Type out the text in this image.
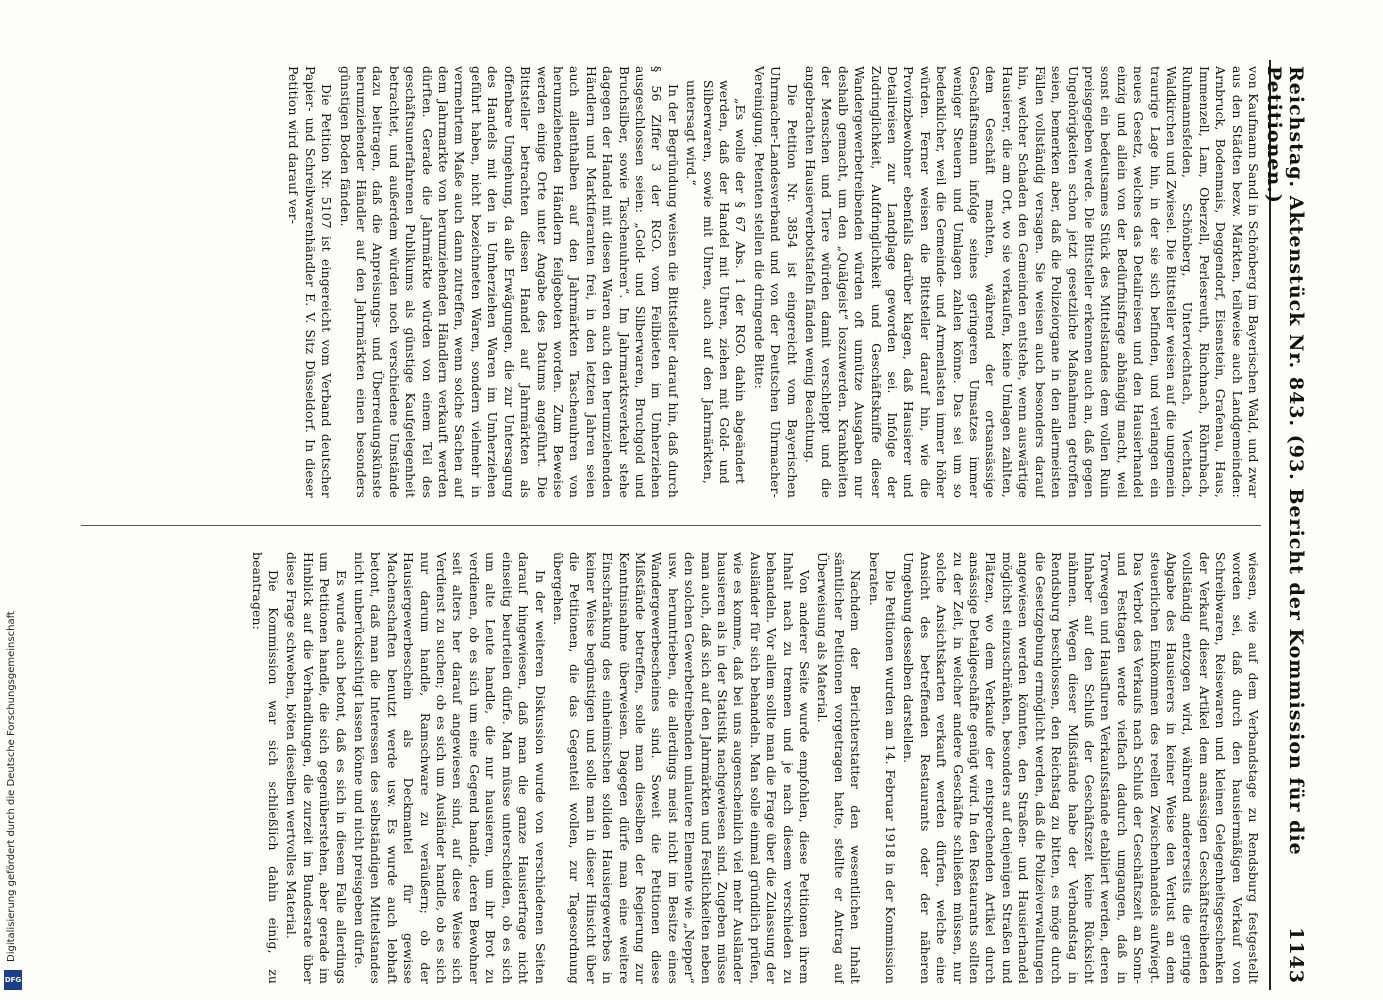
Reichstag. Aktenstück Nr. 843. (93. Bericht der Kommission für die Petitionen.)
1143

von Kaufmann Sandl in Schönberg im Bayerischen Wald, und zwar aus den Städten bezw. Märkten, teilweise auch Landgemeinden: Arnbruck, Bodenmais, Deggendorf, Eisenstein, Grafenau, Haus, Immenzell, Lam, Oberzell, Perlesreuth, Rinchnach, Röhrnbach, Ruhmannsfelden, Schönberg, Unterviechtach, Viechtach, Waldkirchen und Zwiesel. Die Bittsteller weisen auf die ungemein traurige Lage hin, in der sie sich befinden, und verlangen ein neues Gesetz, welches das Detailreisen und den Hausierhandel einzig und allein von der Bedürfnisfrage abhängig macht, weil sonst ein bedeutsames Stück des Mittelstandes dem vollen Ruin preisgegeben werde. Die Bittsteller erkennen auch an, daß gegen Ungehörigkeiten schon jetzt gesetzliche Maßnahmen getroffen seien, bemerken aber, daß die Polizeiorgane in den allermeisten Fällen vollständig versagen. Sie weisen auch besonders darauf hin, welcher Schaden den Gemeinden entstehe, wenn auswärtige Hausierer, die am Ort, wo sie verkaufen, keine Umlagen zahlten, dem Geschäft machten, während der ortsansässige Geschäftsmann infolge seines geringeren Umsatzes immer weniger Steuern und Umlagen zahlen könne. Das sei um so bedenklicher, weil die Gemeinde- und Armenlasten immer höher würden. Ferner weisen die Bittsteller darauf hin, wie die Provinzbewohner ebenfalls darüber klagen, daß Hausierer und Detailreisen zur Landplage geworden sei. Infolge der Zudringlichkeit, Aufdringlichkeit und Geschäftskniffe dieser Wandergewerbetreibenden würden oft unnütze Ausgaben nur deshalb gemacht, um den „Quälgeist“ loszuwerden. Krankheiten der Menschen und Tiere würden damit verschleppt und die angebrachten Hausierverbotstafeln fänden wenig Beachtung.

Die Petition Nr. 3854 ist eingereicht vom Bayerischen Uhrmacher-Landesverband und von der Deutschen Uhrmacher-Vereinigung. Petenten stellen die dringende Bitte:

„Es wolle der § 67 Abs. 1 der RGO. dahin abgeändert werden, daß der Handel mit Uhren, ziehen mit Gold- und Silberwaren, sowie mit Uhren, auch auf den Jahrmärkten, untersagt wird.“

In der Begründung weisen die Bittsteller darauf hin, daß durch § 56 Ziffer 3 der RGO. vom Feilbieten im Umherziehen ausgeschlossen seien: „Gold- und Silberwaren, Bruchgold und Bruchsilber, sowie Taschenuhren“. Im Jahrmarktsverkehr stehe dagegen der Handel mit diesen Waren auch den herumziehenden Händlern und Marktfieranten frei, in den letzten Jahren seien auch allenthalben auf den Jahrmärkten Taschenuhren von herumziehenden Händlern feilgeboten worden. Zum Beweise werden einige Orte unter Angabe des Datums angeführt. Die Bittsteller betrachten diesen Handel auf Jahrmärkten als offenbare Umgehung, da alle Erwägungen, die zur Untersagung des Handels mit den in Umherziehen Waren im Umherziehen geführt haben, nicht bezeichneten Waren, sondern vielmehr in vermehrtem Maße auch dann zutreffen, wenn solche Sachen auf dem Jahrmarkte von herumziehenden Händlern verkauft werden dürften. Gerade die Jahrmärkte würden von einem Teil des geschäftsunerfahrenen Publikums als günstige Kaufgelegenheit betrachtet, und außerdem würden noch verschiedene Umstände dazu beitragen, daß die Anpreisungs- und Überredungskünste herumziehender Händler auf den Jahrmärkten einen besonders günstigen Boden fänden.

Die Petition Nr. 5107 ist eingereicht vom Verband deutscher Papier- und Schreibwarenhändler E. V. Sitz Düsseldorf. In dieser Petition wird darauf ver-

wiesen, wie auf dem Verbandstage zu Rendsburg festgestellt worden sei, daß durch den hausiermäßigen Verkauf von Schreibwaren, Reisewaren und kleinen Gelegenheitsgeschenken der Verkauf dieser Artikel dem ansässigen Geschäftstreibenden vollständig entzogen wird, während andererseits die geringe Abgabe des Hausierers in keiner Weise den Verlust an dem steuerlichen Einkommen des reellen Zwischenhandels aufwiegt. Das Verbot des Verkaufs nach Schluß der Geschäftszeit an Sonn- und Festtagen werde vielfach dadurch umgangen, daß in Torwegen und Hausfluren Verkaufsstände etabliert werden, deren Inhaber auf den Schluß der Geschäftszeit keine Rücksicht nähmen. Wegen dieser Mißstände habe der Verbandstag in Rendsburg beschlossen, den Reichstag zu bitten, es möge durch die Gesetzgebung ermöglicht werden, daß die Polizeiverwaltungen angewiesen werden könnten, den Straßen- und Hausierhandel möglichst einzuschränken, besonders auf denjenigen Straßen und Plätzen, wo dem Verkaufe der entsprechenden Artikel durch ansässige Detailgeschäfte genügt wird. In den Restaurants sollten zu der Zeit, in welcher andere Geschäfte schließen müssen, nur solche Ansichtskarten verkauft werden dürfen, welche eine Ansicht des betreffenden Restaurants oder der näheren Umgebung desselben darstellen.

Die Petitionen wurden am 14. Februar 1918 in der Kommission beraten.

Nachdem der Berichterstatter den wesentlichen Inhalt sämtlicher Petitionen vorgetragen hatte, stellte er Antrag auf Überweisung als Material.

Von anderer Seite wurde empfohlen, diese Petitionen ihrem Inhalt nach zu trennen und je nach diesem verschieden zu behandeln. Vor allem sollte man die Frage über die Zulassung der Ausländer für sich behandeln. Man solle einmal gründlich prüfen, wie es komme, daß bei uns augenscheinlich viel mehr Ausländer hausieren als in der Statistik nachgewiesen sind. Zugeben müsse man auch, daß sich auf den Jahrmärkten und Festlichkeiten neben den solchen Gewerbetreibenden unlautere Elemente wie „Nepper“ usw. herumtrieben, die allerdings meist nicht im Besitze eines Wandergewerbescheines sind. Soweit die Petitionen diese Mißstände betreffen, solle man dieselben der Regierung zur Kenntnisnahme überweisen. Dagegen dürfe man eine weitere Einschränkung des einheimischen soliden Hausiergewerbes in keiner Weise begünstigen und solle man in dieser Hinsicht über die Petitionen, die das Gegenteil wollen, zur Tagesordnung übergehen.

In der weiteren Diskussion wurde von verschiedenen Seiten darauf hingewiesen, daß man die ganze Hausierfrage nicht einseitig beurteilen dürfe. Man müsse unterscheiden, ob es sich um alte Leute handle, die nur hausieren, um ihr Brot zu verdienen, ob es sich um eine Gegend handle, deren Bewohner seit alters her darauf angewiesen sind, auf diese Weise sich Verdienst zu suchen; ob es sich um Ausländer handle, ob es sich nur darum handle, Ramschware zu veräußern; ob der Hausiergewerbeschein als Deckmantel für gewisse Machenschaften benutzt werde usw. Es wurde auch lebhaft betont, daß man die Interessen des selbständigen Mittelstandes nicht unberücksichtigt lassen könne und nicht preisgeben dürfe.

Es wurde auch betont, daß es sich in diesem Falle allerdings um Petitionen handle, die sich gegenüberstehen, aber gerade im Hinblick auf die Verhandlungen, die zurzeit im Bundesrate über diese Frage schweben, böten dieselben wertvolles Material.

Die Kommission war sich schließlich dahin einig, zu beantragen:

Digitalisierung gefördert durch die Deutsche Forschungsgemeinschaft
DFG
